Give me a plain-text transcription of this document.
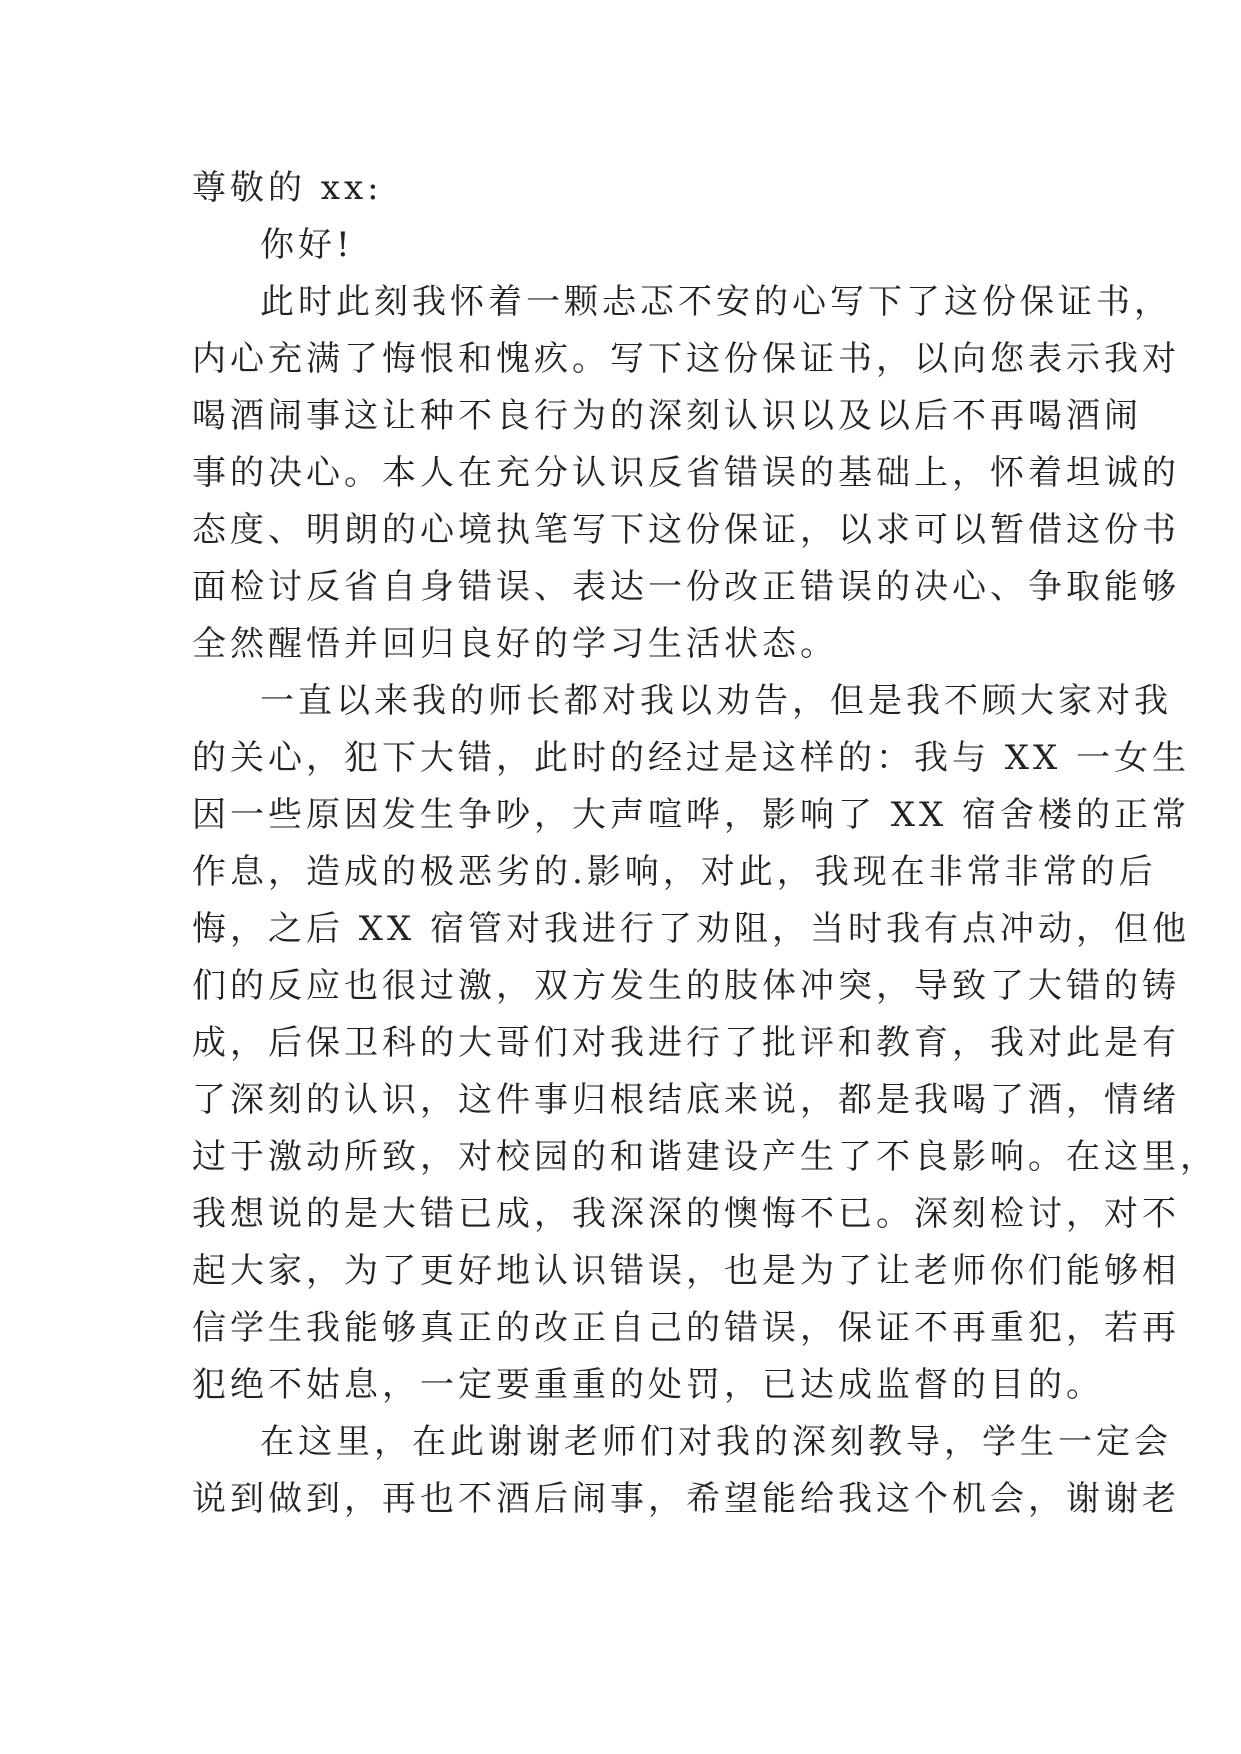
尊敬的 xx:
你好!
此时此刻我怀着一颗忐忑不安的心写下了这份保证书，
内心充满了悔恨和愧疚。写下这份保证书，以向您表示我对
喝酒闹事这让种不良行为的深刻认识以及以后不再喝酒闹
事的决心。本人在充分认识反省错误的基础上，怀着坦诚的
态度、明朗的心境执笔写下这份保证，以求可以暂借这份书
面检讨反省自身错误、表达一份改正错误的决心、争取能够
全然醒悟并回归良好的学习生活状态。
一直以来我的师长都对我以劝告，但是我不顾大家对我
的关心，犯下大错，此时的经过是这样的：我与 XX 一女生
因一些原因发生争吵，大声喧哗，影响了 XX 宿舍楼的正常
作息，造成的极恶劣的.影响，对此，我现在非常非常的后
悔，之后 XX 宿管对我进行了劝阻，当时我有点冲动，但他
们的反应也很过激，双方发生的肢体冲突，导致了大错的铸
成，后保卫科的大哥们对我进行了批评和教育，我对此是有
了深刻的认识，这件事归根结底来说，都是我喝了酒，情绪
过于激动所致，对校园的和谐建设产生了不良影响。在这里，
我想说的是大错已成，我深深的懊悔不已。深刻检讨，对不
起大家，为了更好地认识错误，也是为了让老师你们能够相
信学生我能够真正的改正自己的错误，保证不再重犯，若再
犯绝不姑息，一定要重重的处罚，已达成监督的目的。
在这里，在此谢谢老师们对我的深刻教导，学生一定会
说到做到，再也不酒后闹事，希望能给我这个机会，谢谢老
